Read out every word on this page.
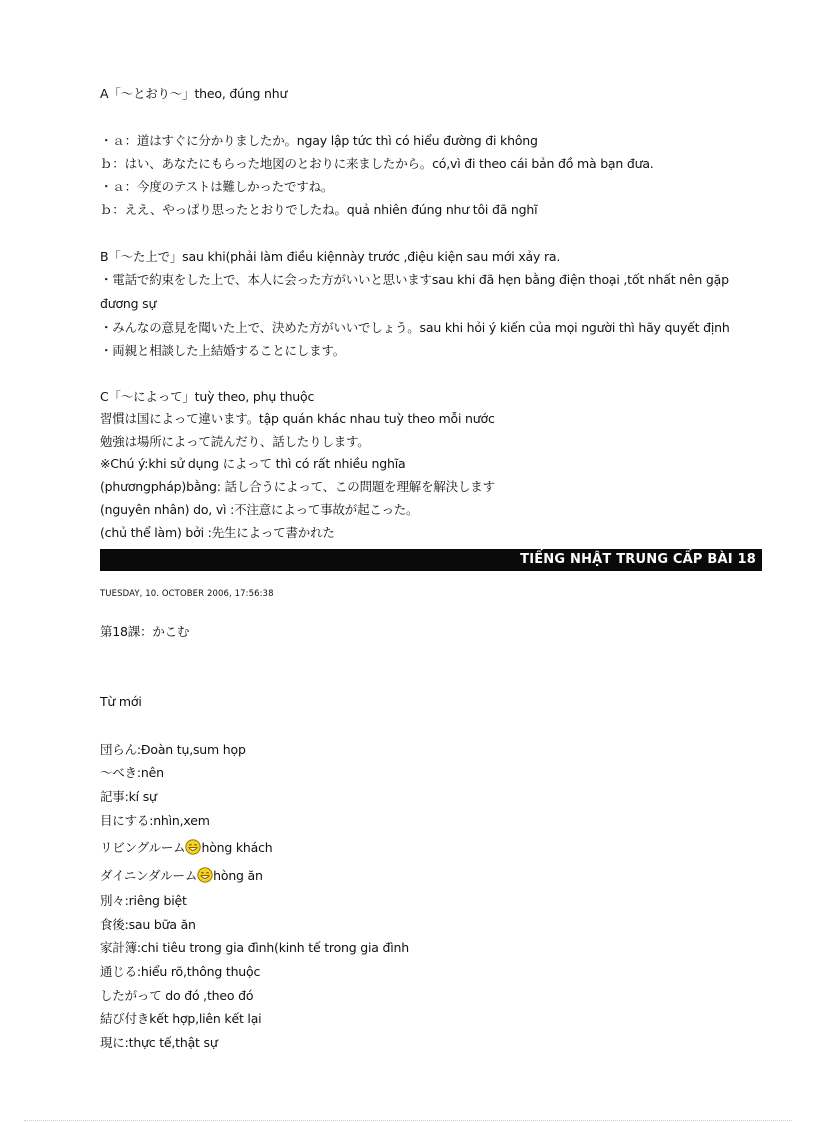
A「～とおり～」theo, đúng như
・ａ：道はすぐに分かりましたか。ngay lập tức thì có hiểu đường đi không
ｂ：はい、あなたにもらった地図のとおりに来ましたから。có,vì đi theo cái bản đồ mà bạn đưa.
・ａ：今度のテストは難しかったですね。
ｂ：ええ、やっぱり思ったとおりでしたね。quả nhiên đúng như tôi đã nghĩ
B「～た上で」sau khi(phải làm điều kiệnnày trước ,điệu kiện sau mới xảy ra.
・電話で約束をした上で、本人に会った方がいいと思いますsau khi đã hẹn bằng điện thoại ,tốt nhất nên gặp
đương sự
・みんなの意見を聞いた上で、決めた方がいいでしょう。sau khi hỏi ý kiến của mọi người thì hãy quyết định
・両親と相談した上結婚することにします。
C「～によって」tuỳ theo, phụ thuộc
習慣は国によって違います。tập quán khác nhau tuỳ theo mỗi nước
勉強は場所によって読んだり、話したりします。
※Chú ý:khi sử dụng によって thì có rất nhiều nghĩa
(phươngpháp)bằng: 話し合うによって、この問題を理解を解決します
(nguyên nhân) do, vì :不注意によって事故が起こった。
(chủ thể làm) bởi :先生によって書かれた
TIẾNG NHẬT TRUNG CẤP BÀI 18
TUESDAY, 10. OCTOBER 2006, 17:56:38
第18課：かこむ
Từ mới
団らん:Đoàn tụ,sum họp
～べき:nên
記事:kí sự
目にする:nhìn,xem
リビングルーム hòng khách
ダイニンダルーム hòng ăn
別々:riêng biệt
食後:sau bữa ăn
家計簿:chi tiêu trong gia đình(kinh tế trong gia đình
通じる:hiểu rõ,thông thuộc
したがって do đó ,theo đó
結び付きkết hợp,liên kết lại
現に:thực tế,thật sự
